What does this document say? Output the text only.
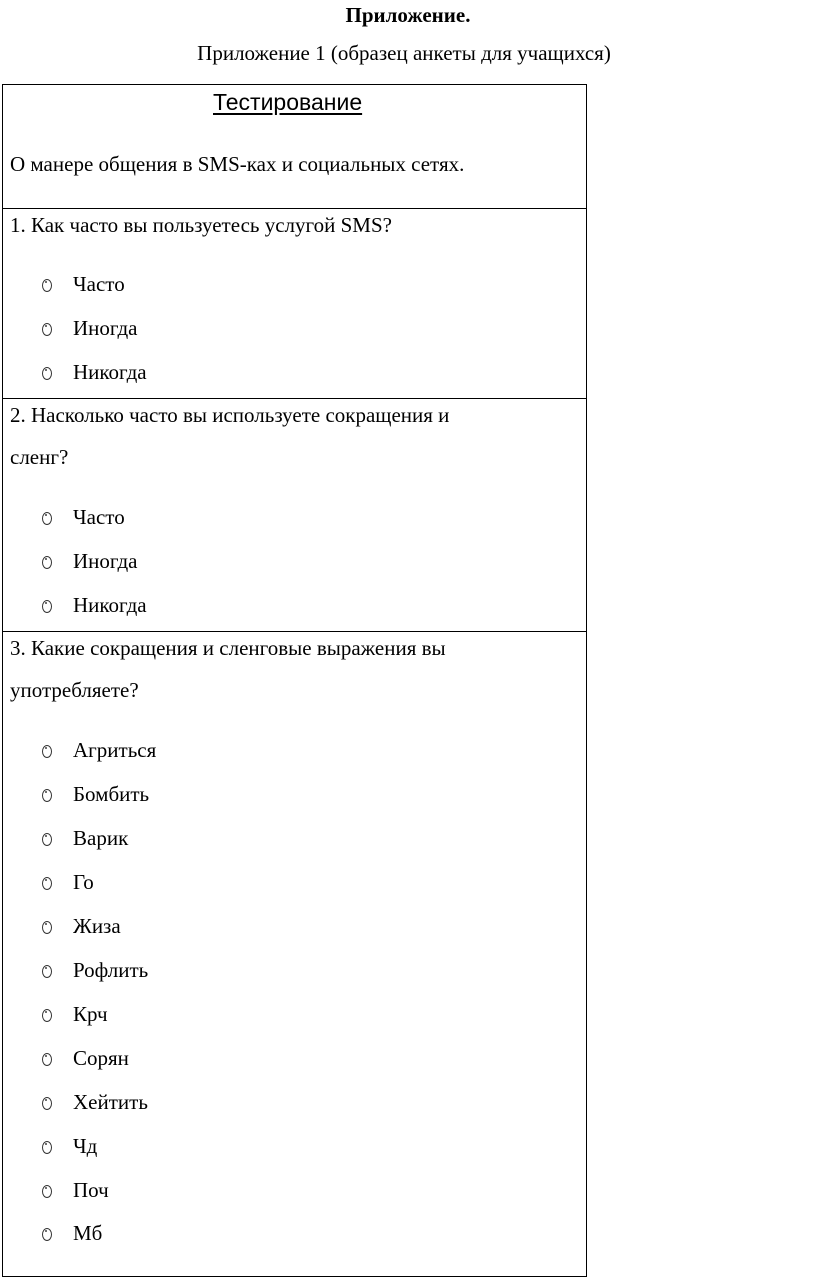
Приложение.
Приложение 1 (образец анкеты для учащихся)
Тестирование
О манере общения в SMS-ках и социальных сетях.
1. Как часто вы пользуетесь услугой SMS?
Часто
Иногда
Никогда
2. Насколько часто вы используете сокращения и
сленг?
Часто
Иногда
Никогда
3. Какие сокращения и сленговые выражения вы
употребляете?
Агриться
Бомбить
Варик
Го
Жиза
Рофлить
Крч
Сорян
Хейтить
Чд
Поч
Мб
